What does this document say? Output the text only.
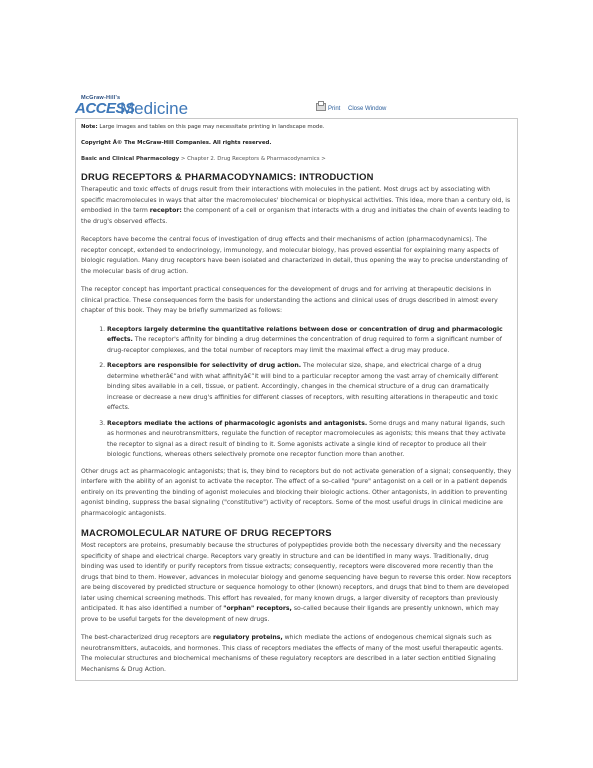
McGraw-Hill's
ACCESS
Medicine	Print Close Window
Note: Large images and tables on this page may necessitate printing in landscape mode.
Copyright Â© The McGraw-Hill Companies. All rights reserved.
Basic and Clinical Pharmacology > Chapter 2. Drug Receptors & Pharmacodynamics >
DRUG RECEPTORS & PHARMACODYNAMICS: INTRODUCTION

Therapeutic and toxic effects of drugs result from their interactions with molecules in the patient. Most drugs act by associating with specific macromolecules in ways that alter the macromolecules' biochemical or biophysical activities. This idea, more than a century old, is embodied in the term receptor: the component of a cell or organism that interacts with a drug and initiates the chain of events leading to the drug's observed effects.

Receptors have become the central focus of investigation of drug effects and their mechanisms of action (pharmacodynamics). The receptor concept, extended to endocrinology, immunology, and molecular biology, has proved essential for explaining many aspects of biologic regulation. Many drug receptors have been isolated and characterized in detail, thus opening the way to precise understanding of the molecular basis of drug action.

The receptor concept has important practical consequences for the development of drugs and for arriving at therapeutic decisions in clinical practice. These consequences form the basis for understanding the actions and clinical uses of drugs described in almost every chapter of this book. They may be briefly summarized as follows:

1. Receptors largely determine the quantitative relations between dose or concentration of drug and pharmacologic effects. The receptor's affinity for binding a drug determines the concentration of drug required to form a significant number of drug-receptor complexes, and the total number of receptors may limit the maximal effect a drug may produce.
2. Receptors are responsible for selectivity of drug action. The molecular size, shape, and electrical charge of a drug determine whetherâ€”and with what affinityâ€”it will bind to a particular receptor among the vast array of chemically different binding sites available in a cell, tissue, or patient. Accordingly, changes in the chemical structure of a drug can dramatically increase or decrease a new drug's affinities for different classes of receptors, with resulting alterations in therapeutic and toxic effects.
3. Receptors mediate the actions of pharmacologic agonists and antagonists. Some drugs and many natural ligands, such as hormones and neurotransmitters, regulate the function of receptor macromolecules as agonists; this means that they activate the receptor to signal as a direct result of binding to it. Some agonists activate a single kind of receptor to produce all their biologic functions, whereas others selectively promote one receptor function more than another.

Other drugs act as pharmacologic antagonists; that is, they bind to receptors but do not activate generation of a signal; consequently, they interfere with the ability of an agonist to activate the receptor. The effect of a so-called "pure" antagonist on a cell or in a patient depends entirely on its preventing the binding of agonist molecules and blocking their biologic actions. Other antagonists, in addition to preventing agonist binding, suppress the basal signaling ("constitutive") activity of receptors. Some of the most useful drugs in clinical medicine are pharmacologic antagonists.

MACROMOLECULAR NATURE OF DRUG RECEPTORS

Most receptors are proteins, presumably because the structures of polypeptides provide both the necessary diversity and the necessary specificity of shape and electrical charge. Receptors vary greatly in structure and can be identified in many ways. Traditionally, drug binding was used to identify or purify receptors from tissue extracts; consequently, receptors were discovered more recently than the drugs that bind to them. However, advances in molecular biology and genome sequencing have begun to reverse this order. Now receptors are being discovered by predicted structure or sequence homology to other (known) receptors, and drugs that bind to them are developed later using chemical screening methods. This effort has revealed, for many known drugs, a larger diversity of receptors than previously anticipated. It has also identified a number of "orphan" receptors, so-called because their ligands are presently unknown, which may prove to be useful targets for the development of new drugs.

The best-characterized drug receptors are regulatory proteins, which mediate the actions of endogenous chemical signals such as neurotransmitters, autacoids, and hormones. This class of receptors mediates the effects of many of the most useful therapeutic agents. The molecular structures and biochemical mechanisms of these regulatory receptors are described in a later section entitled Signaling Mechanisms & Drug Action.
